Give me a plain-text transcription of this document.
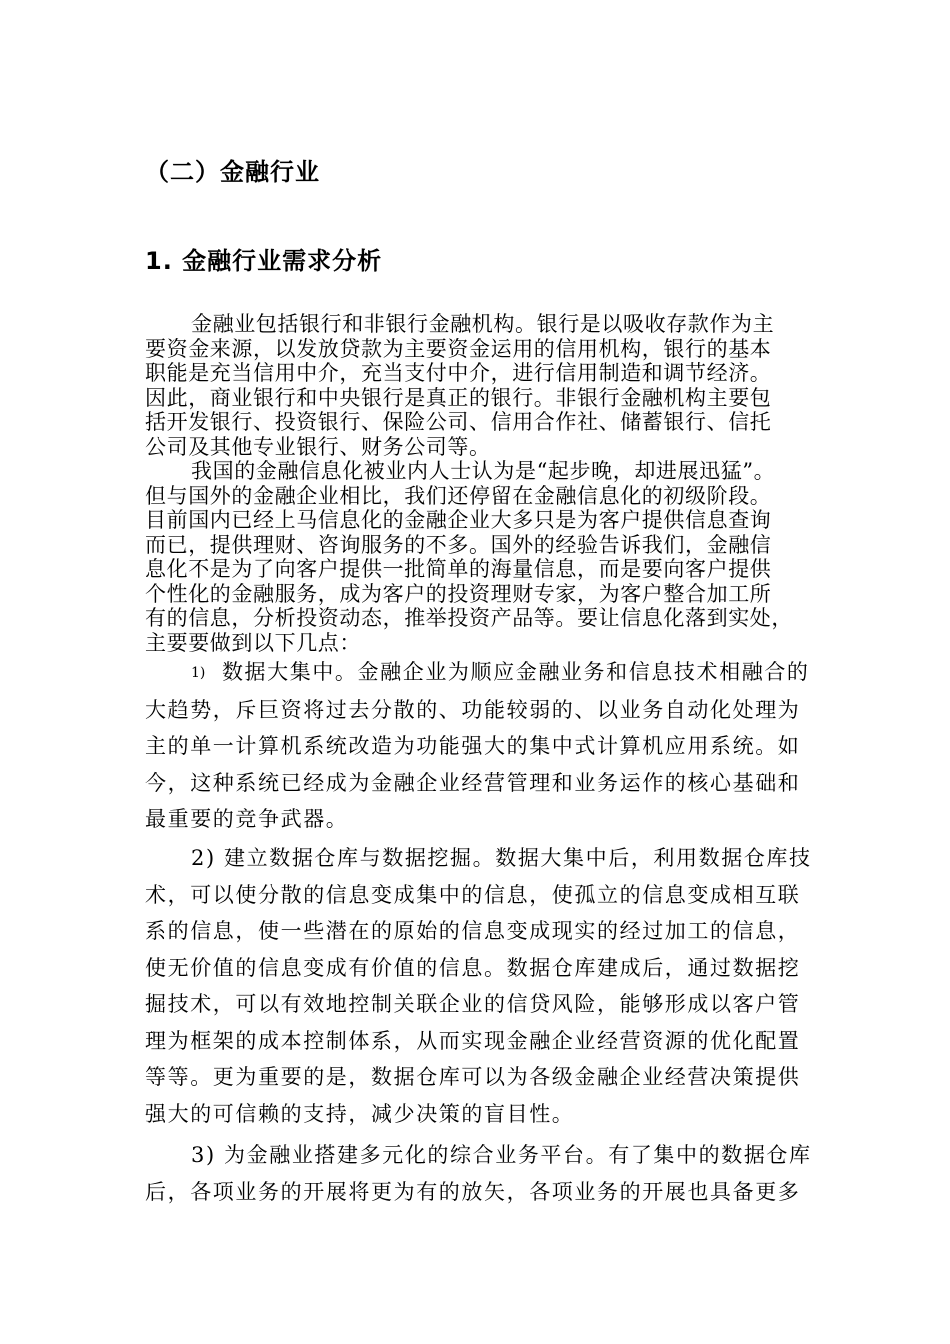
（二）金融行业
1. 金融行业需求分析
金融业包括银行和非银行金融机构。银行是以吸收存款作为主
要资金来源，以发放贷款为主要资金运用的信用机构，银行的基本
职能是充当信用中介，充当支付中介，进行信用制造和调节经济。
因此，商业银行和中央银行是真正的银行。非银行金融机构主要包
括开发银行、投资银行、保险公司、信用合作社、储蓄银行、信托
公司及其他专业银行、财务公司等。
我国的金融信息化被业内人士认为是“起步晚，却进展迅猛”。
但与国外的金融企业相比，我们还停留在金融信息化的初级阶段。
目前国内已经上马信息化的金融企业大多只是为客户提供信息查询
而已，提供理财、咨询服务的不多。国外的经验告诉我们，金融信
息化不是为了向客户提供一批简单的海量信息，而是要向客户提供
个性化的金融服务，成为客户的投资理财专家，为客户整合加工所
有的信息，分析投资动态，推举投资产品等。要让信息化落到实处，
主要要做到以下几点：
1) 数据大集中。金融企业为顺应金融业务和信息技术相融合的
大趋势，斥巨资将过去分散的、功能较弱的、以业务自动化处理为
主的单一计算机系统改造为功能强大的集中式计算机应用系统。如
今，这种系统已经成为金融企业经营管理和业务运作的核心基础和
最重要的竞争武器。
2) 建立数据仓库与数据挖掘。数据大集中后，利用数据仓库技
术，可以使分散的信息变成集中的信息，使孤立的信息变成相互联
系的信息，使一些潜在的原始的信息变成现实的经过加工的信息，
使无价值的信息变成有价值的信息。数据仓库建成后，通过数据挖
掘技术，可以有效地控制关联企业的信贷风险，能够形成以客户管
理为框架的成本控制体系，从而实现金融企业经营资源的优化配置
等等。更为重要的是，数据仓库可以为各级金融企业经营决策提供
强大的可信赖的支持，减少决策的盲目性。
3) 为金融业搭建多元化的综合业务平台。有了集中的数据仓库
后，各项业务的开展将更为有的放矢，各项业务的开展也具备更多
